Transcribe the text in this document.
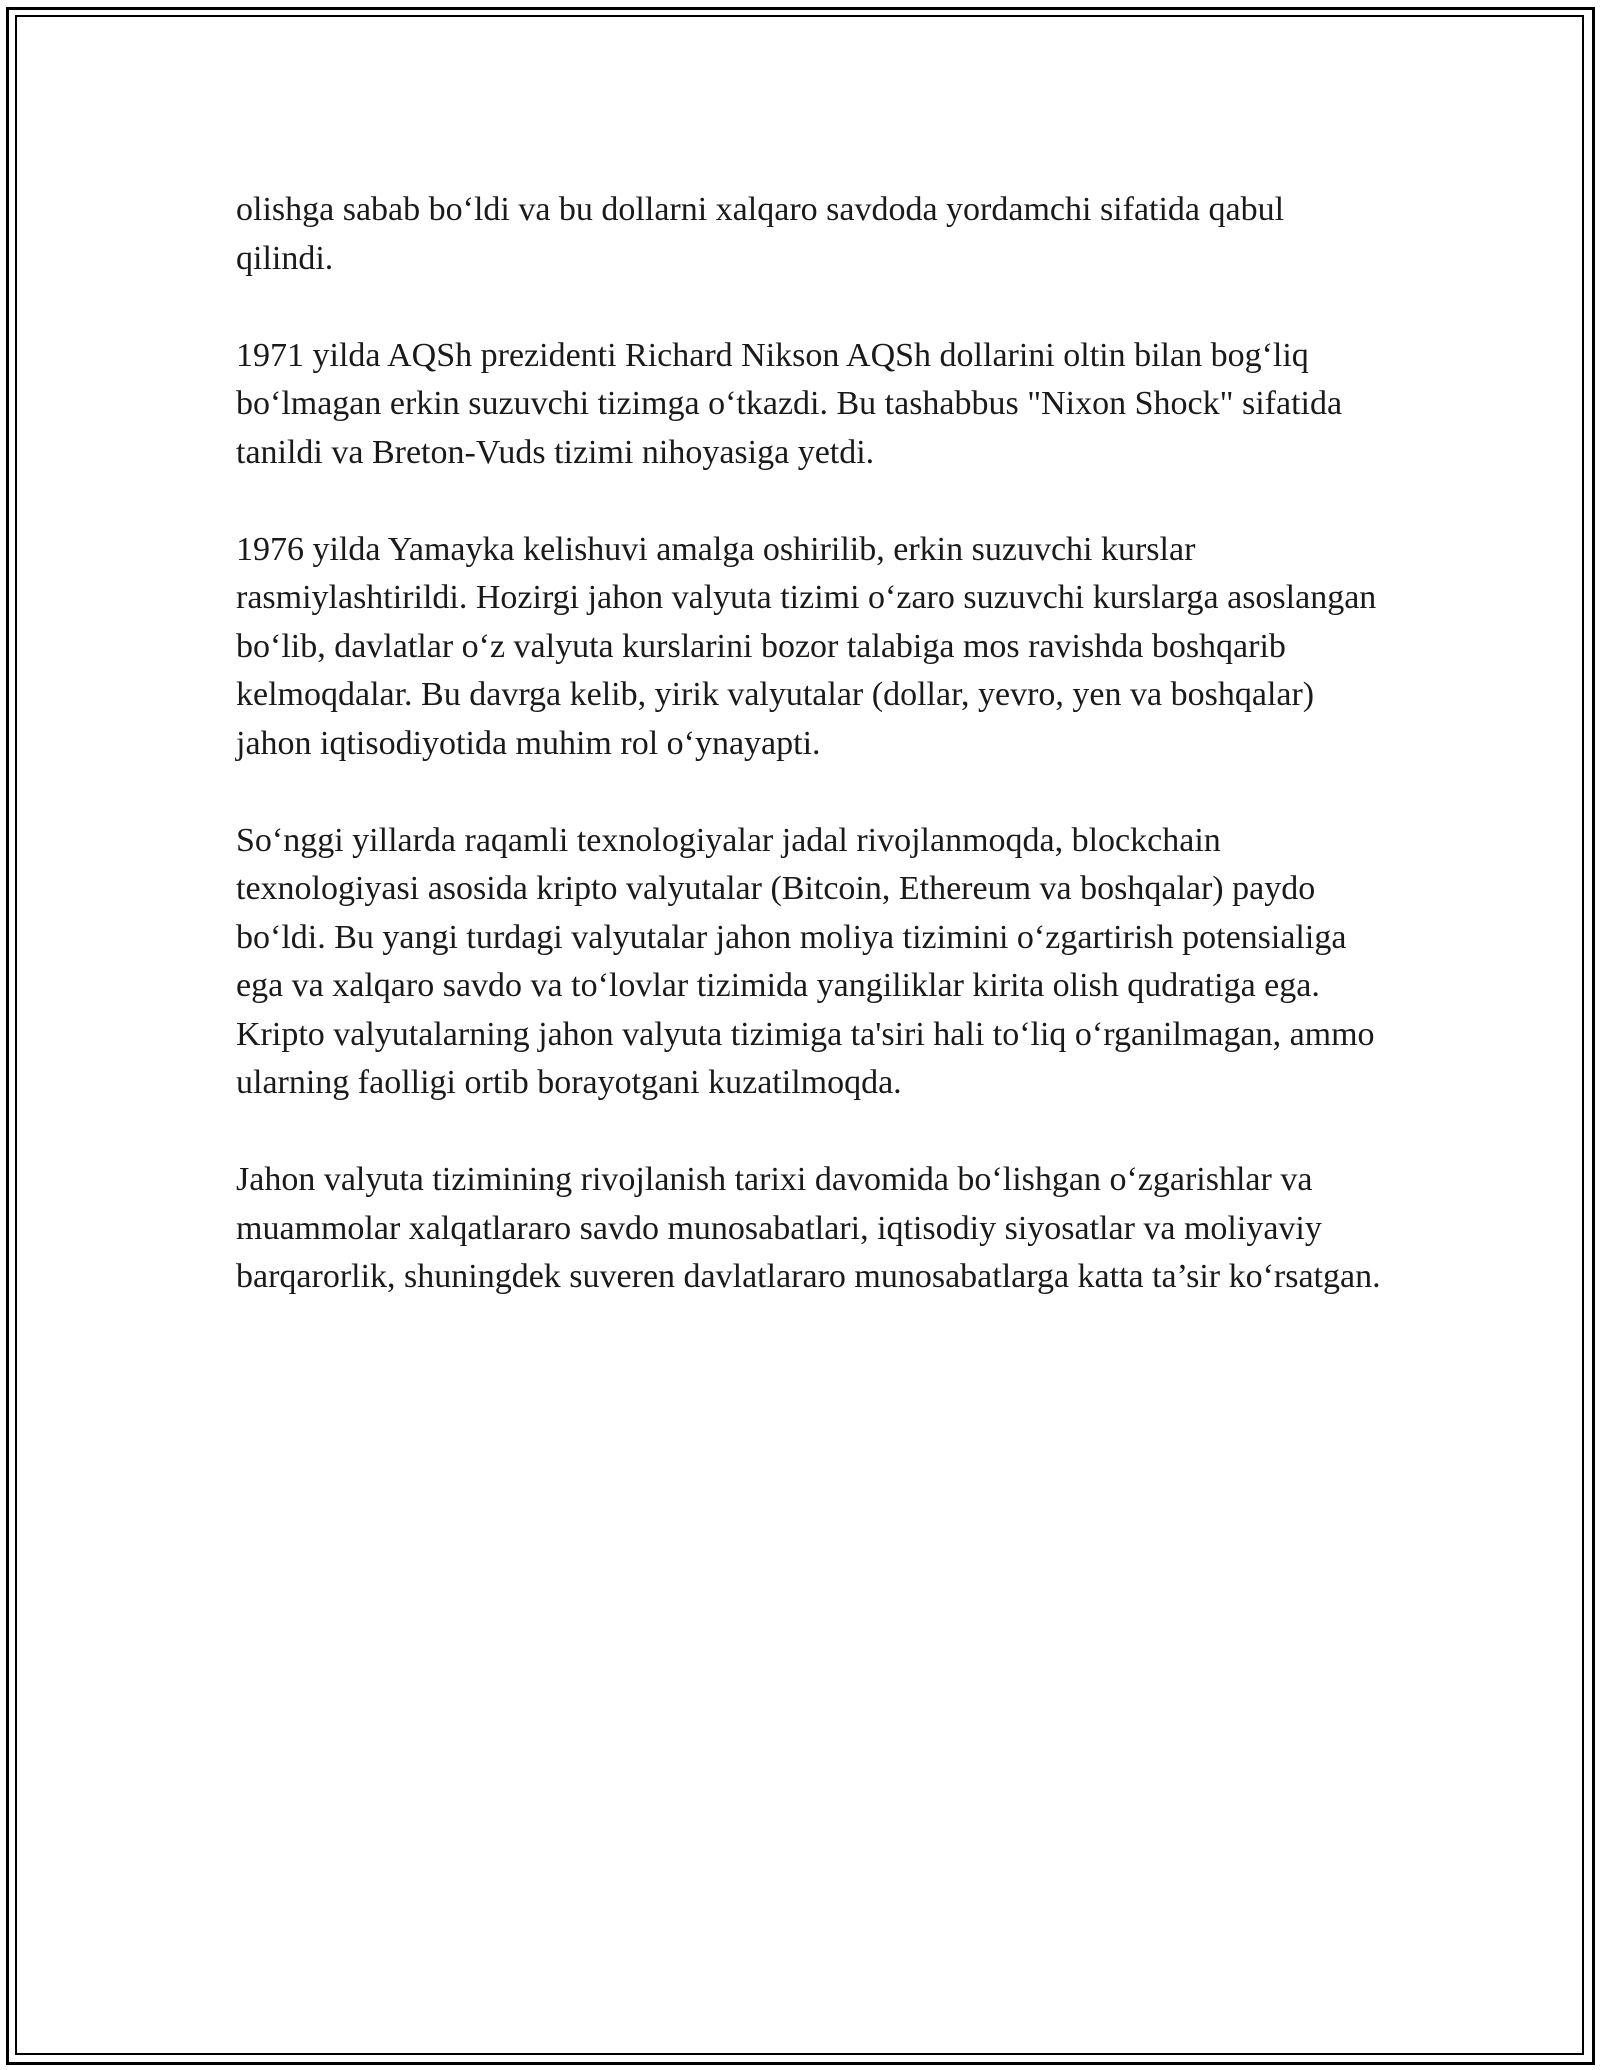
olishga sabab bo‘ldi va bu dollarni xalqaro savdoda yordamchi sifatida qabul qilindi.

1971 yilda AQSh prezidenti Richard Nikson AQSh dollarini oltin bilan bog‘liq bo‘lmagan erkin suzuvchi tizimga o‘tkazdi. Bu tashabbus "Nixon Shock" sifatida tanildi va Breton-Vuds tizimi nihoyasiga yetdi.

1976 yilda Yamayka kelishuvi amalga oshirilib, erkin suzuvchi kurslar rasmiylashtirildi. Hozirgi jahon valyuta tizimi o‘zaro suzuvchi kurslarga asoslangan bo‘lib, davlatlar o‘z valyuta kurslarini bozor talabiga mos ravishda boshqarib kelmoqdalar. Bu davrga kelib, yirik valyutalar (dollar, yevro, yen va boshqalar) jahon iqtisodiyotida muhim rol o‘ynayapti.

So‘nggi yillarda raqamli texnologiyalar jadal rivojlanmoqda, blockchain texnologiyasi asosida kripto valyutalar (Bitcoin, Ethereum va boshqalar) paydo bo‘ldi. Bu yangi turdagi valyutalar jahon moliya tizimini o‘zgartirish potensialiga ega va xalqaro savdo va to‘lovlar tizimida yangiliklar kirita olish qudratiga ega. Kripto valyutalarning jahon valyuta tizimiga ta'siri hali to‘liq o‘rganilmagan, ammo ularning faolligi ortib borayotgani kuzatilmoqda.

Jahon valyuta tizimining rivojlanish tarixi davomida bo‘lishgan o‘zgarishlar va muammolar xalqatlararo savdo munosabatlari, iqtisodiy siyosatlar va moliyaviy barqarorlik, shuningdek suveren davlatlararo munosabatlarga katta ta’sir ko‘rsatgan.
